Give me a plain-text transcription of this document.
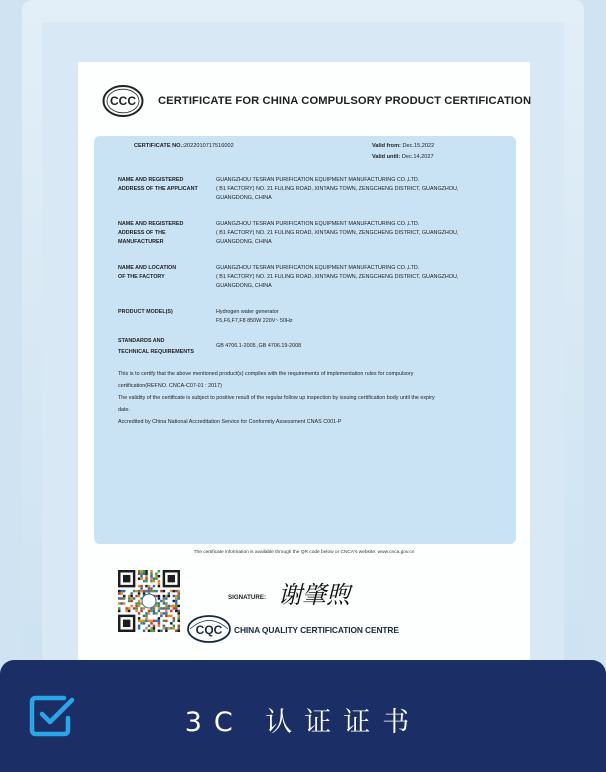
CCC CERTIFICATE FOR CHINA COMPULSORY PRODUCT CERTIFICATION
CERTIFICATE NO.:2022010717516002	Valid from: Dec.15,2022
Valid until: Dec.14,2027
NAME AND REGISTERED
ADDRESS OF THE APPLICANT
GUANGZHOU TESRAN PURIFICATION EQUIPMENT MANUFACTURING CO.,LTD.
( B1 FACTORY) NO. 21 FULING ROAD, XINTANG TOWN, ZENGCHENG DISTRICT, GUANGZHOU,
GUANGDONG, CHINA
NAME AND REGISTERED
ADDRESS OF THE
MANUFACTURER
GUANGZHOU TESRAN PURIFICATION EQUIPMENT MANUFACTURING CO.,LTD.
( B1 FACTORY) NO. 21 FULING ROAD, XINTANG TOWN, ZENGCHENG DISTRICT, GUANGZHOU,
GUANGDONG, CHINA
NAME AND LOCATION
OF THE FACTORY
GUANGZHOU TESRAN PURIFICATION EQUIPMENT MANUFACTURING CO.,LTD.
( B1 FACTORY) NO. 21 FULING ROAD, XINTANG TOWN, ZENGCHENG DISTRICT, GUANGZHOU,
GUANGDONG, CHINA
PRODUCT MODEL(S)	Hydrogen water generator
F5,F6,F7,F8 850W 220V~ 50Hz
STANDARDS AND
TECHNICAL REQUIREMENTS
GB 4706.1-2005 ,GB 4706.19-2008
This is to certify that the above mentioned product(s) complies with the requirements of implementation rules for compulsory
certification(REFNO. CNCA-C07-01 : 2017)
The validity of the certificate is subject to positive result of the regular follow up inspection by issuing certification body until the expiry
date.
Accredited by China National Accreditation Service for Conformity Assessment CNAS C001-P
The certificate information is available through the QR code below or CNCA's website: www.cnca.gov.cn
SIGNATURE: 谢肇煦
CQC CHINA QUALITY CERTIFICATION CENTRE
3C 认证证书
